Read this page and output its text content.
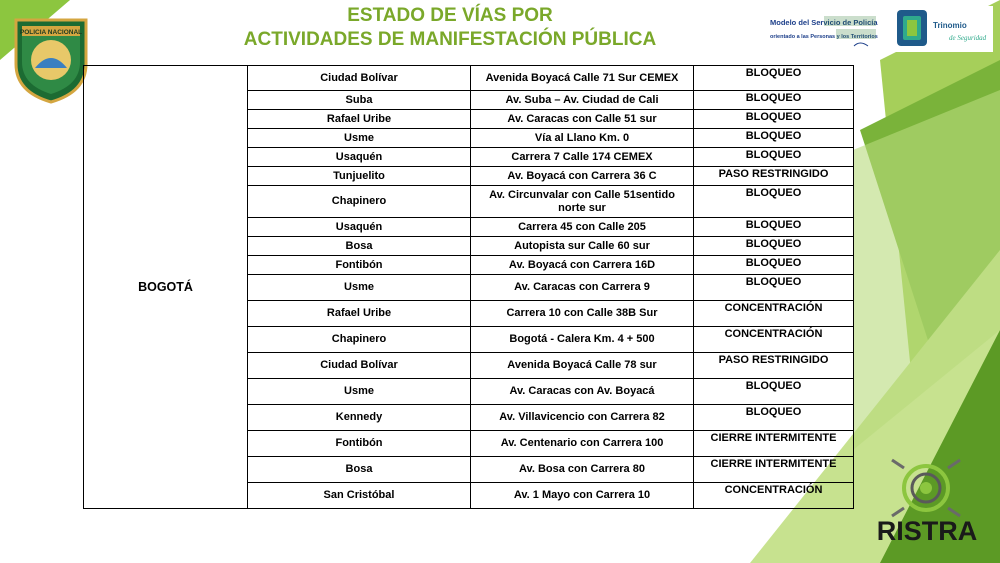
ESTADO DE VÍAS POR
ACTIVIDADES DE MANIFESTACIÓN PÚBLICA
POLICIA NACIONAL
Modelo del Servicio de Policía
orientado a las Personas y los Territorios
Trinomio
de Seguridad
BOGOTÁ	Ciudad Bolívar	Avenida Boyacá Calle 71 Sur CEMEX	BLOQUEO
	Suba	Av. Suba – Av. Ciudad de Cali	BLOQUEO
	Rafael Uribe	Av. Caracas con Calle 51 sur	BLOQUEO
	Usme	Vía al Llano Km. 0	BLOQUEO
	Usaquén	Carrera 7 Calle 174 CEMEX	BLOQUEO
	Tunjuelito	Av. Boyacá con Carrera 36 C	PASO RESTRINGIDO
	Chapinero	Av. Circunvalar con Calle 51sentido norte sur	BLOQUEO
	Usaquén	Carrera 45 con Calle 205	BLOQUEO
	Bosa	Autopista sur Calle 60 sur	BLOQUEO
	Fontibón	Av. Boyacá con Carrera 16D	BLOQUEO
	Usme	Av. Caracas con Carrera 9	BLOQUEO
	Rafael Uribe	Carrera 10 con Calle 38B Sur	CONCENTRACIÓN
	Chapinero	Bogotá - Calera Km. 4 + 500	CONCENTRACIÓN
	Ciudad Bolívar	Avenida Boyacá Calle 78 sur	PASO RESTRINGIDO
	Usme	Av. Caracas con Av. Boyacá	BLOQUEO
	Kennedy	Av. Villavicencio con Carrera 82	BLOQUEO
	Fontibón	Av. Centenario con Carrera 100	CIERRE INTERMITENTE
	Bosa	Av. Bosa con Carrera 80	CIERRE INTERMITENTE
	San Cristóbal	Av. 1 Mayo con Carrera 10	CONCENTRACIÓN
RISTRA
